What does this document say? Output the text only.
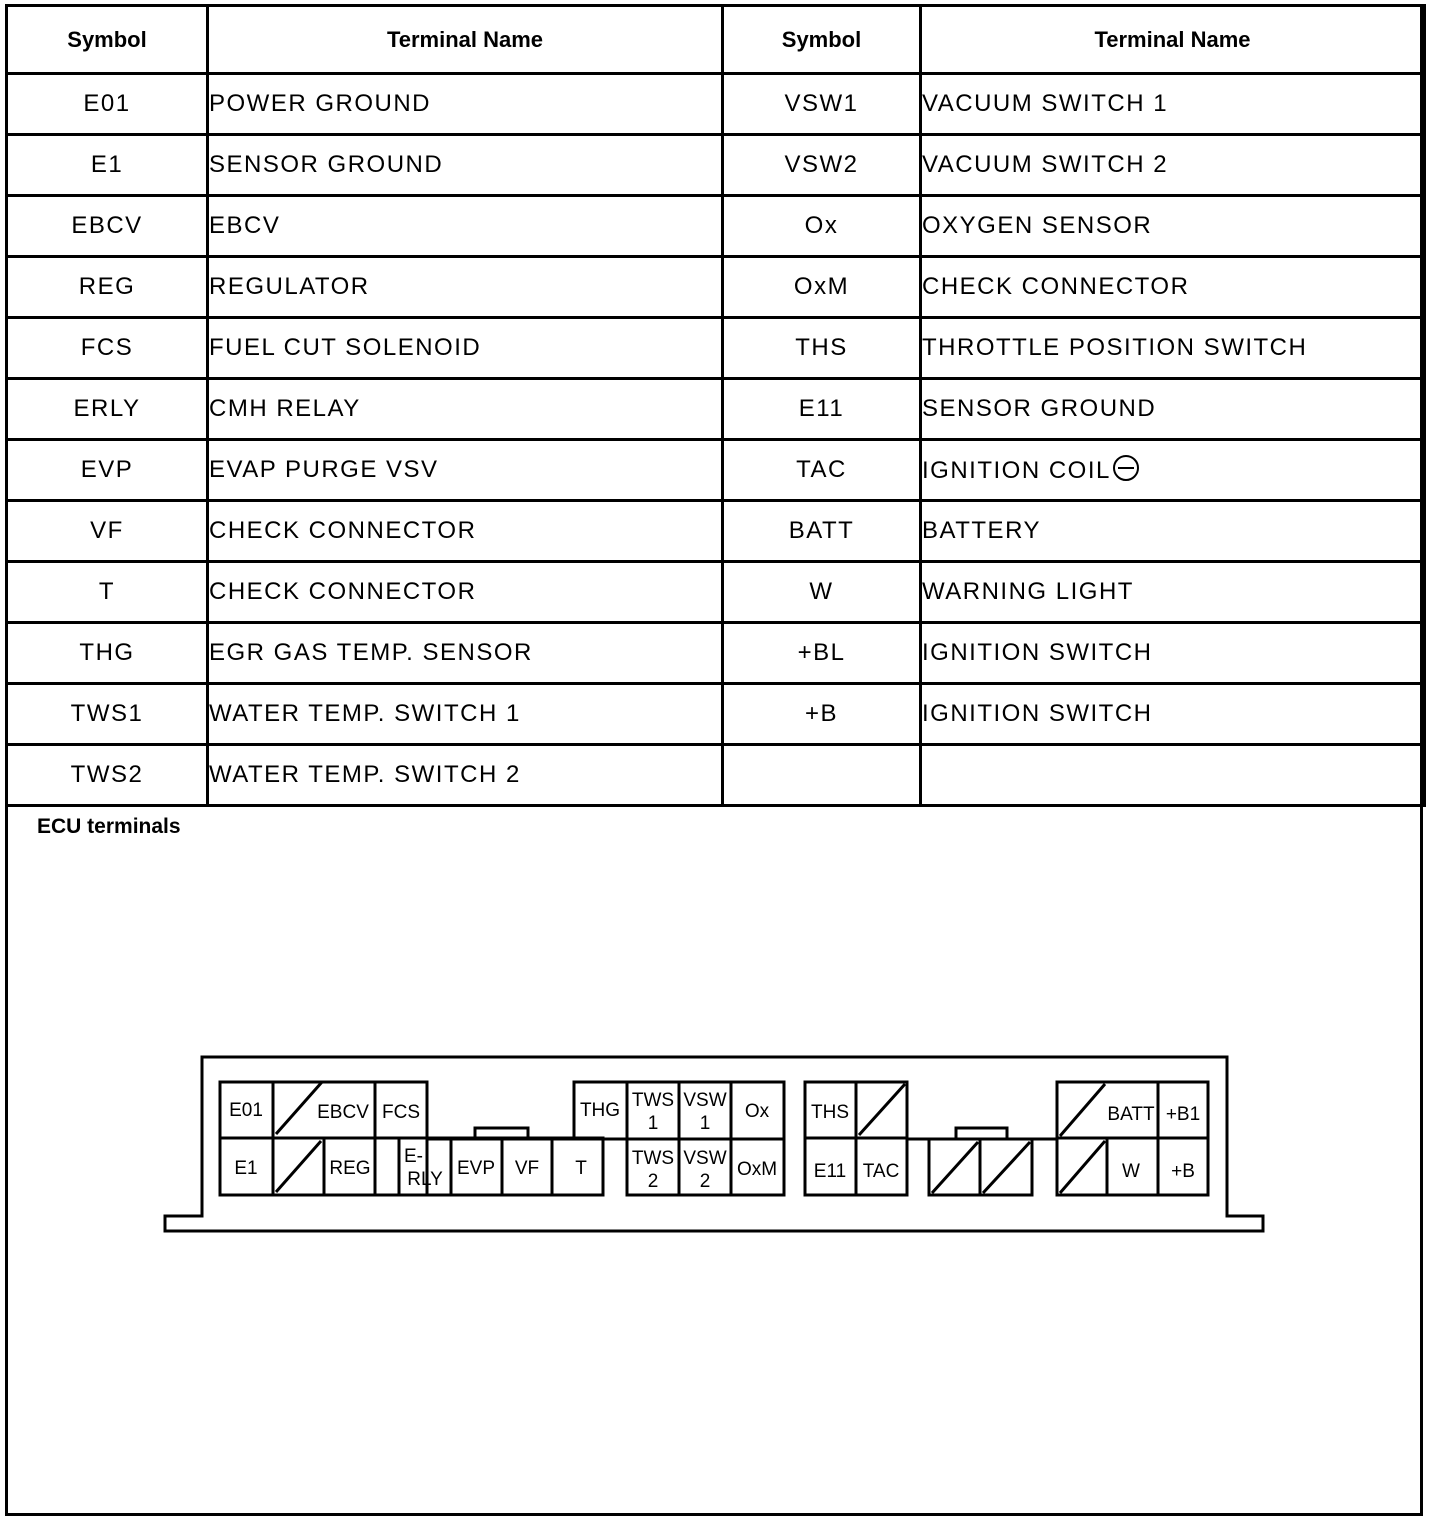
Symbol	Terminal Name	Symbol	Terminal Name
E01	POWER GROUND	VSW1	VACUUM SWITCH 1
E1	SENSOR GROUND	VSW2	VACUUM SWITCH 2
EBCV	EBCV	Ox	OXYGEN SENSOR
REG	REGULATOR	OxM	CHECK CONNECTOR
FCS	FUEL CUT SOLENOID	THS	THROTTLE POSITION SWITCH
ERLY	CMH RELAY	E11	SENSOR GROUND
EVP	EVAP PURGE VSV	TAC	IGNITION COIL
VF	CHECK CONNECTOR	BATT	BATTERY
T	CHECK CONNECTOR	W	WARNING LIGHT
THG	EGR GAS TEMP. SENSOR	+BL	IGNITION SWITCH
TWS1	WATER TEMP. SWITCH 1	+B	IGNITION SWITCH
TWS2	WATER TEMP. SWITCH 2		
ECU terminals
E01	EBCV FCS
E1	REG
E-
RLY
EVP VF T
THG TWS
1
VSW
1
Ox
TWS
2
VSW
2
OxM
THS
E11 TAC
BATT +B1
W +B
